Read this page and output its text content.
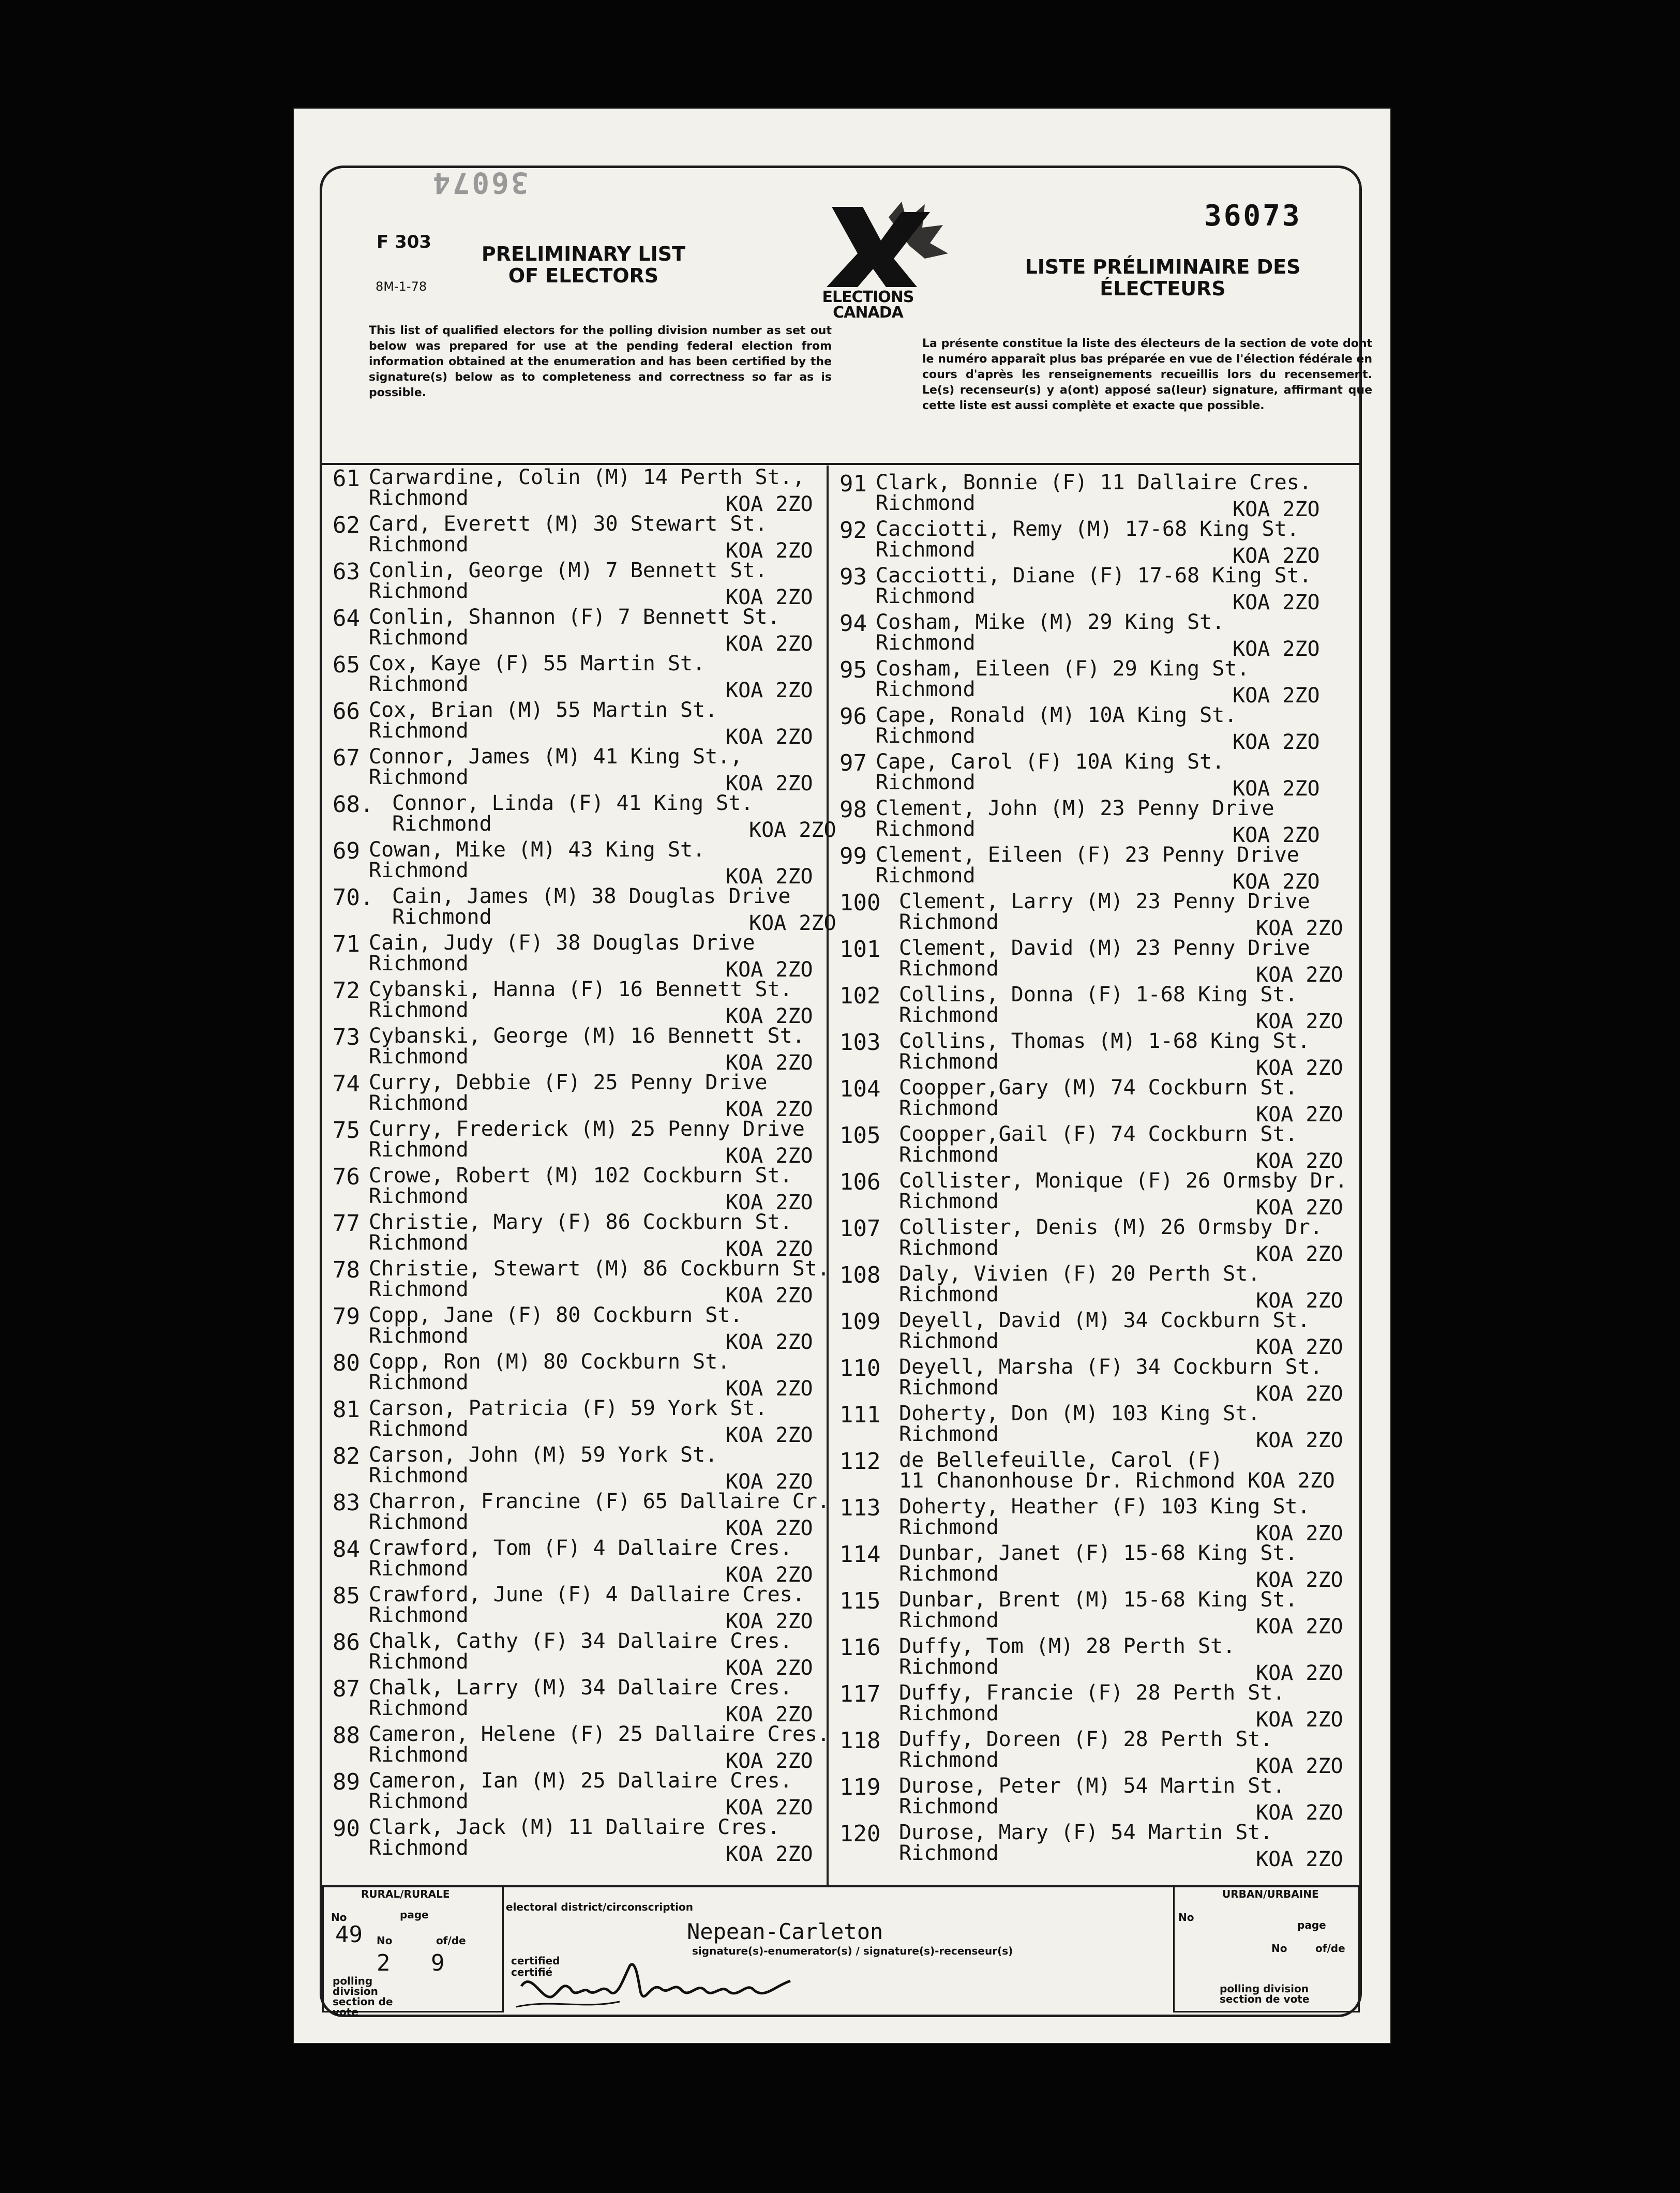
36074
36073
F 303
8M-1-78
PRELIMINARY LIST OF ELECTORS	LISTE PRÉLIMINAIRE DES ÉLECTEURS
ELECTIONS CANADA
This list of qualified electors for the polling division number as set out below was prepared for use at the pending federal election from information obtained at the enumeration and has been certified by the signature(s) below as to completeness and correctness so far as is possible.
La présente constitue la liste des électeurs de la section de vote dont le numéro apparaît plus bas préparée en vue de l'élection fédérale en cours d'après les renseignements recueillis lors du recensement. Le(s) recenseur(s) y a(ont) apposé sa(leur) signature, affirmant que cette liste est aussi complète et exacte que possible.
61 Carwardine, Colin (M) 14 Perth St.,
Richmond	KOA 2ZO
62 Card, Everett (M) 30 Stewart St.
Richmond	KOA 2ZO
63 Conlin, George (M) 7 Bennett St.
Richmond	KOA 2ZO
64 Conlin, Shannon (F) 7 Bennett St.
Richmond	KOA 2ZO
65 Cox, Kaye (F) 55 Martin St.
Richmond	KOA 2ZO
66 Cox, Brian (M) 55 Martin St.
Richmond	KOA 2ZO
67 Connor, James (M) 41 King St.,
Richmond	KOA 2ZO
68. Connor, Linda (F) 41 King St.
Richmond	KOA 2ZO
69 Cowan, Mike (M) 43 King St.
Richmond	KOA 2ZO
70. Cain, James (M) 38 Douglas Drive
Richmond	KOA 2ZO
71 Cain, Judy (F) 38 Douglas Drive
Richmond	KOA 2ZO
72 Cybanski, Hanna (F) 16 Bennett St.
Richmond	KOA 2ZO
73 Cybanski, George (M) 16 Bennett St.
Richmond	KOA 2ZO
74 Curry, Debbie (F) 25 Penny Drive
Richmond	KOA 2ZO
75 Curry, Frederick (M) 25 Penny Drive
Richmond	KOA 2ZO
76 Crowe, Robert (M) 102 Cockburn St.
Richmond	KOA 2ZO
77 Christie, Mary (F) 86 Cockburn St.
Richmond	KOA 2ZO
78 Christie, Stewart (M) 86 Cockburn St.
Richmond	KOA 2ZO
79 Copp, Jane (F) 80 Cockburn St.
Richmond	KOA 2ZO
80 Copp, Ron (M) 80 Cockburn St.
Richmond	KOA 2ZO
81 Carson, Patricia (F) 59 York St.
Richmond	KOA 2ZO
82 Carson, John (M) 59 York St.
Richmond	KOA 2ZO
83 Charron, Francine (F) 65 Dallaire Cr.
Richmond	KOA 2ZO
84 Crawford, Tom (F) 4 Dallaire Cres.
Richmond	KOA 2ZO
85 Crawford, June (F) 4 Dallaire Cres.
Richmond	KOA 2ZO
86 Chalk, Cathy (F) 34 Dallaire Cres.
Richmond	KOA 2ZO
87 Chalk, Larry (M) 34 Dallaire Cres.
Richmond	KOA 2ZO
88 Cameron, Helene (F) 25 Dallaire Cres.
Richmond	KOA 2ZO
89 Cameron, Ian (M) 25 Dallaire Cres.
Richmond	KOA 2ZO
90 Clark, Jack (M) 11 Dallaire Cres.
Richmond	KOA 2ZO
91 Clark, Bonnie (F) 11 Dallaire Cres.
Richmond	KOA 2ZO
92 Cacciotti, Remy (M) 17-68 King St.
Richmond	KOA 2ZO
93 Cacciotti, Diane (F) 17-68 King St.
Richmond	KOA 2ZO
94 Cosham, Mike (M) 29 King St.
Richmond	KOA 2ZO
95 Cosham, Eileen (F) 29 King St.
Richmond	KOA 2ZO
96 Cape, Ronald (M) 10A King St.
Richmond	KOA 2ZO
97 Cape, Carol (F) 10A King St.
Richmond	KOA 2ZO
98 Clement, John (M) 23 Penny Drive
Richmond	KOA 2ZO
99 Clement, Eileen (F) 23 Penny Drive
Richmond	KOA 2ZO
100 Clement, Larry (M) 23 Penny Drive
Richmond	KOA 2ZO
101 Clement, David (M) 23 Penny Drive
Richmond	KOA 2ZO
102 Collins, Donna (F) 1-68 King St.
Richmond	KOA 2ZO
103 Collins, Thomas (M) 1-68 King St.
Richmond	KOA 2ZO
104 Coopper,Gary (M) 74 Cockburn St.
Richmond	KOA 2ZO
105 Coopper,Gail (F) 74 Cockburn St.
Richmond	KOA 2ZO
106 Collister, Monique (F) 26 Ormsby Dr.
Richmond	KOA 2ZO
107 Collister, Denis (M) 26 Ormsby Dr.
Richmond	KOA 2ZO
108 Daly, Vivien (F) 20 Perth St.
Richmond	KOA 2ZO
109 Deyell, David (M) 34 Cockburn St.
Richmond	KOA 2ZO
110 Deyell, Marsha (F) 34 Cockburn St.
Richmond	KOA 2ZO
111 Doherty, Don (M) 103 King St.
Richmond	KOA 2ZO
112 de Bellefeuille, Carol (F)
11 Chanonhouse Dr. Richmond KOA 2ZO
113 Doherty, Heather (F) 103 King St.
Richmond	KOA 2ZO
114 Dunbar, Janet (F) 15-68 King St.
Richmond	KOA 2ZO
115 Dunbar, Brent (M) 15-68 King St.
Richmond	KOA 2ZO
116 Duffy, Tom (M) 28 Perth St.
Richmond	KOA 2ZO
117 Duffy, Francie (F) 28 Perth St.
Richmond	KOA 2ZO
118 Duffy, Doreen (F) 28 Perth St.
Richmond	KOA 2ZO
119 Durose, Peter (M) 54 Martin St.
Richmond	KOA 2ZO
120 Durose, Mary (F) 54 Martin St.
Richmond	KOA 2ZO
RURAL/RURALE
No
49
page
No	of/de
2 9
polling division section de vote
electoral district/circonscription
Nepean-Carleton
certified certifié
signature(s)-enumerator(s) / signature(s)-recenseur(s)
URBAN/URBAINE
No
page
No	of/de
polling division section de vote
